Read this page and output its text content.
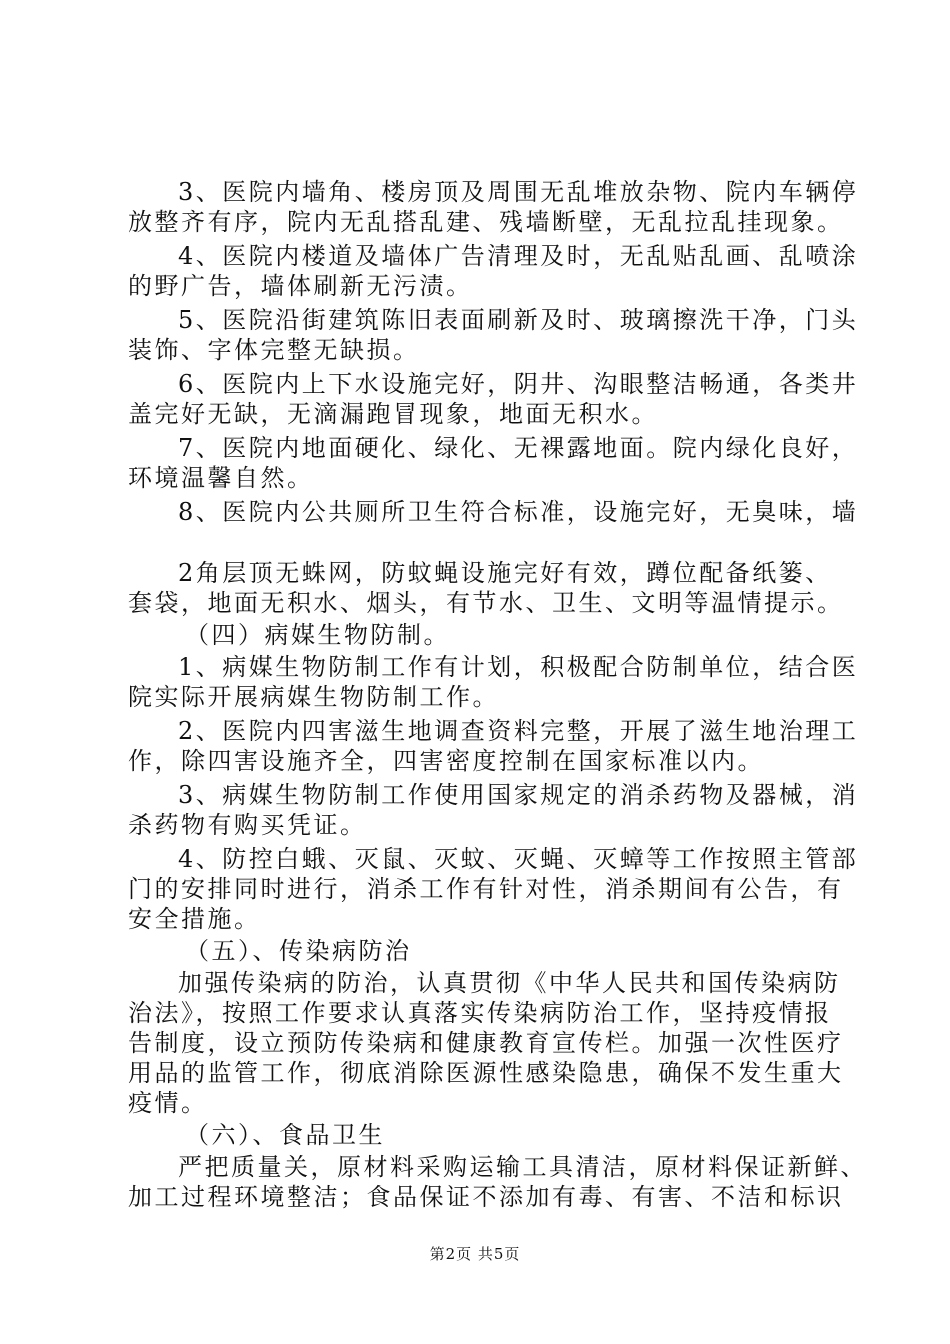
3、医院内墙角、楼房顶及周围无乱堆放杂物、院内车辆停
放整齐有序，院内无乱搭乱建、残墙断壁，无乱拉乱挂现象。
4、医院内楼道及墙体广告清理及时，无乱贴乱画、乱喷涂
的野广告，墙体刷新无污渍。
5、医院沿街建筑陈旧表面刷新及时、玻璃擦洗干净，门头
装饰、字体完整无缺损。
6、医院内上下水设施完好，阴井、沟眼整洁畅通，各类井
盖完好无缺，无滴漏跑冒现象，地面无积水。
7、医院内地面硬化、绿化、无裸露地面。院内绿化良好，
环境温馨自然。
8、医院内公共厕所卫生符合标准，设施完好，无臭味，墙
2角层顶无蛛网，防蚊蝇设施完好有效，蹲位配备纸篓、
套袋，地面无积水、烟头，有节水、卫生、文明等温情提示。
（四）病媒生物防制。
1、病媒生物防制工作有计划，积极配合防制单位，结合医
院实际开展病媒生物防制工作。
2、医院内四害滋生地调查资料完整，开展了滋生地治理工
作，除四害设施齐全，四害密度控制在国家标准以内。
3、病媒生物防制工作使用国家规定的消杀药物及器械，消
杀药物有购买凭证。
4、防控白蛾、灭鼠、灭蚊、灭蝇、灭蟑等工作按照主管部
门的安排同时进行，消杀工作有针对性，消杀期间有公告，有
安全措施。
（五）、传染病防治
加强传染病的防治，认真贯彻《中华人民共和国传染病防
治法》，按照工作要求认真落实传染病防治工作，坚持疫情报
告制度，设立预防传染病和健康教育宣传栏。加强一次性医疗
用品的监管工作，彻底消除医源性感染隐患，确保不发生重大
疫情。
（六）、食品卫生
严把质量关，原材料采购运输工具清洁，原材料保证新鲜、
加工过程环境整洁；食品保证不添加有毒、有害、不洁和标识
第2页 共5页
